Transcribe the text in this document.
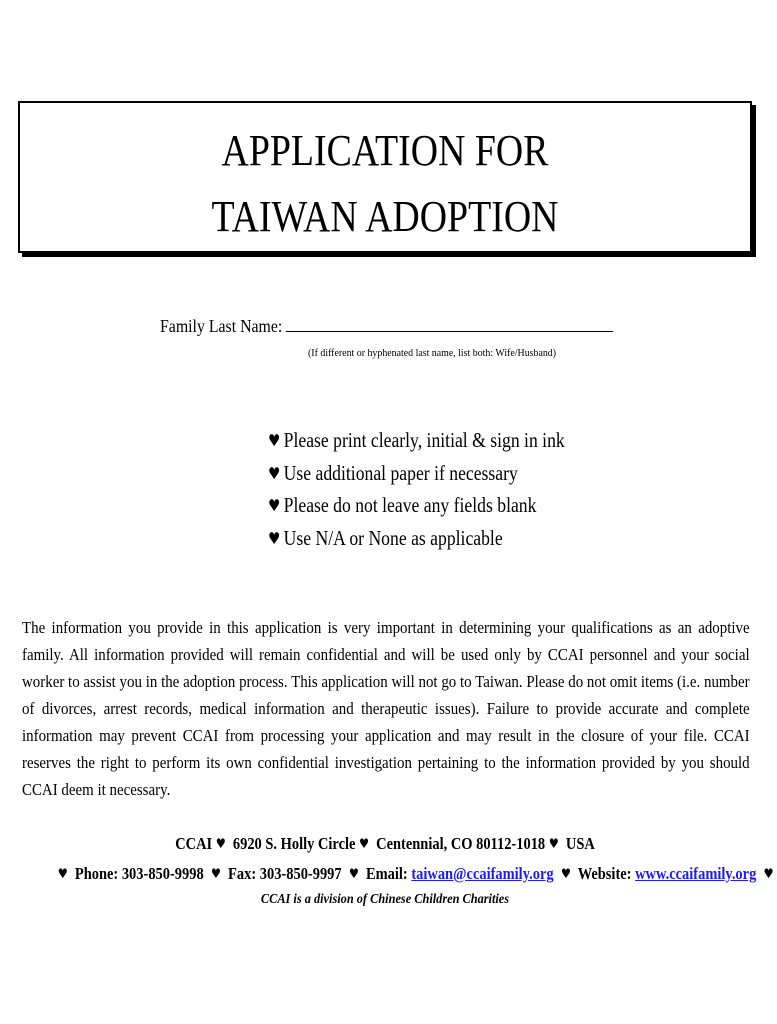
APPLICATION FOR
TAIWAN ADOPTION
Family Last Name:
(If different or hyphenated last name, list both: Wife/Husband)
♥ Please print clearly, initial & sign in ink
♥ Use additional paper if necessary
♥ Please do not leave any fields blank
♥ Use N/A or None as applicable
The information you provide in this application is very important in determining your qualifications as an adoptive family. All information provided will remain confidential and will be used only by CCAI personnel and your social worker to assist you in the adoption process. This application will not go to Taiwan. Please do not omit items (i.e. number of divorces, arrest records, medical information and therapeutic issues). Failure to provide accurate and complete information may prevent CCAI from processing your application and may result in the closure of your file. CCAI reserves the right to perform its own confidential investigation pertaining to the information provided by you should CCAI deem it necessary.
CCAI ♥ 6920 S. Holly Circle ♥ Centennial, CO 80112-1018 ♥ USA
♥ Phone: 303-850-9998 ♥ Fax: 303-850-9997 ♥ Email: taiwan@ccaifamily.org ♥ Website: www.ccaifamily.org ♥
CCAI is a division of Chinese Children Charities
